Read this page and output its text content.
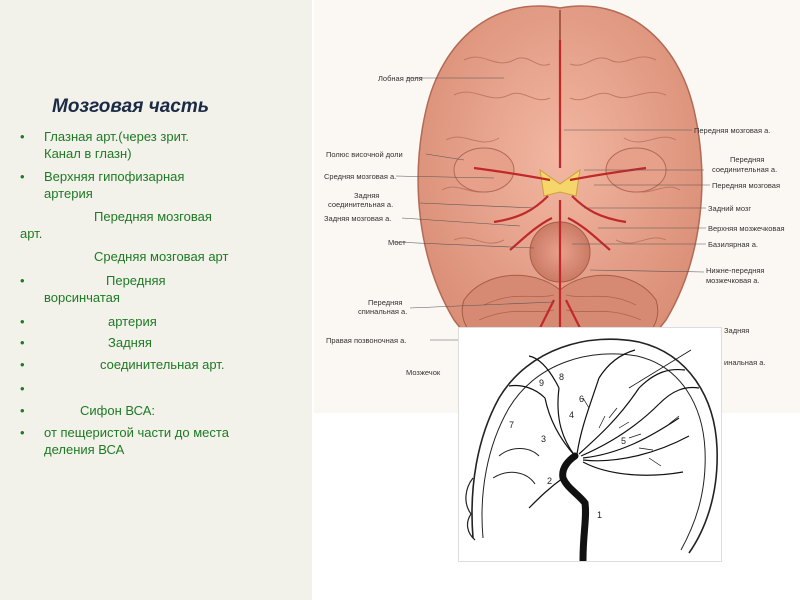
Мозговая часть
• Глазная арт.(через зрит.
Канал в глазн)
• Верхняя гипофизарная
артерия
Передняя мозговая
арт.
Средняя мозговая арт
•	Передняя
ворсинчатая
•	артерия
•	Задняя
•	соединительная арт.
•
•	Сифон ВСА:
• от пещеристой части до места
деления ВСА
Лобная доля
Полюс височной доли
Средняя мозговая а.
Задняя
соединительная а.
Задняя мозговая а.
Мост
Передняя
спинальная а.
Правая позвоночная а.
Мозжечок
Передняя мозговая а.
Передняя
соединительная а.
Передняя мозговая
Задний мозг
Верхняя мозжечковая
Базилярная а.
Нижне-передняя
мозжечковая а.
Задняя
инальная а.
1
2
3
4
5
6
7
8
9
